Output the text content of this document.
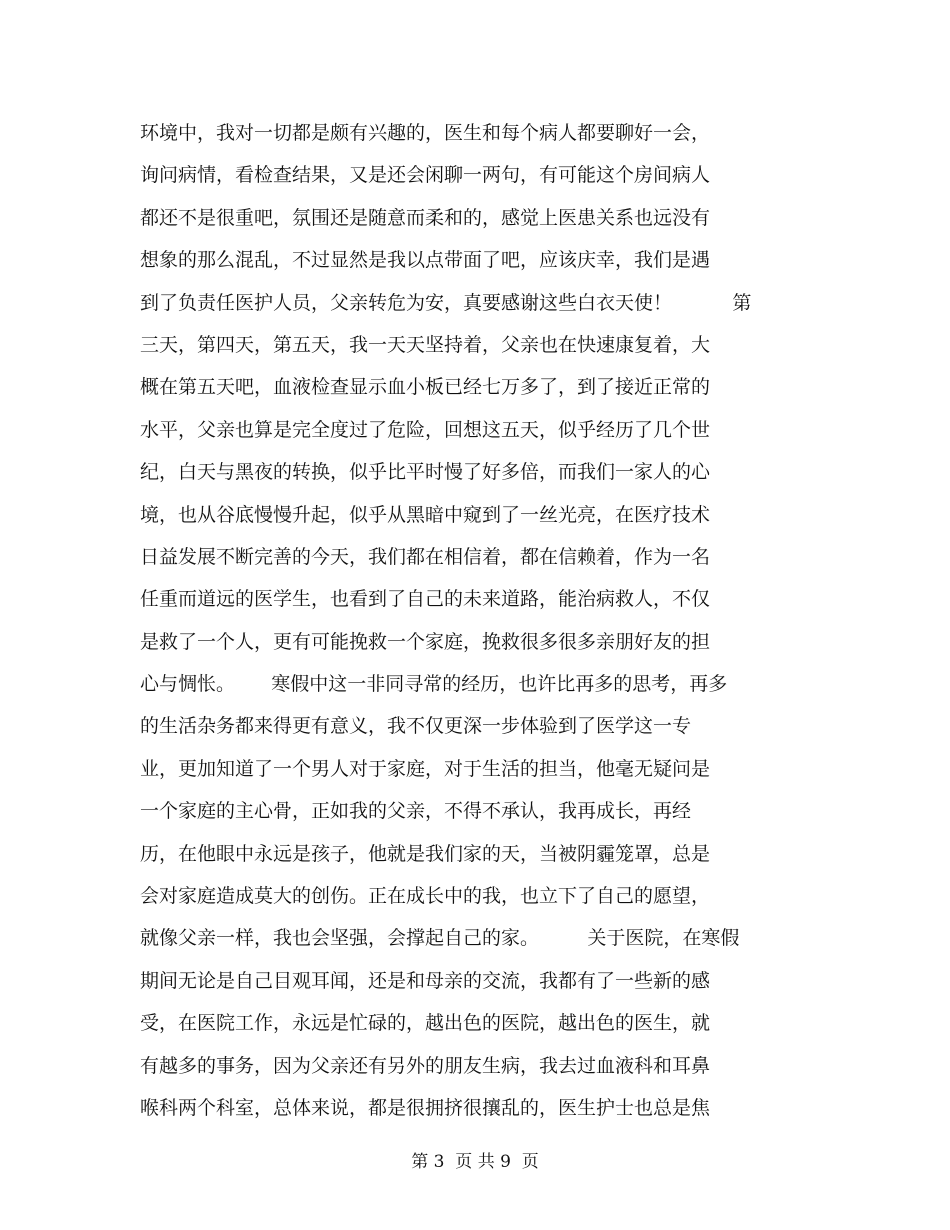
环境中，我对一切都是颇有兴趣的，医生和每个病人都要聊好一会，
询问病情，看检查结果，又是还会闲聊一两句，有可能这个房间病人
都还不是很重吧，氛围还是随意而柔和的，感觉上医患关系也远没有
想象的那么混乱，不过显然是我以点带面了吧，应该庆幸，我们是遇
到了负责任医护人员，父亲转危为安，真要感谢这些白衣天使！          第
三天，第四天，第五天，我一天天坚持着，父亲也在快速康复着，大
概在第五天吧，血液检查显示血小板已经七万多了，到了接近正常的
水平，父亲也算是完全度过了危险，回想这五天，似乎经历了几个世
纪，白天与黑夜的转换，似乎比平时慢了好多倍，而我们一家人的心
境，也从谷底慢慢升起，似乎从黑暗中窥到了一丝光亮，在医疗技术
日益发展不断完善的今天，我们都在相信着，都在信赖着，作为一名
任重而道远的医学生，也看到了自己的未来道路，能治病救人，不仅
是救了一个人，更有可能挽救一个家庭，挽救很多很多亲朋好友的担
心与惆怅。      寒假中这一非同寻常的经历，也许比再多的思考，再多
的生活杂务都来得更有意义，我不仅更深一步体验到了医学这一专
业，更加知道了一个男人对于家庭，对于生活的担当，他毫无疑问是
一个家庭的主心骨，正如我的父亲，不得不承认，我再成长，再经
历，在他眼中永远是孩子，他就是我们家的天，当被阴霾笼罩，总是
会对家庭造成莫大的创伤。正在成长中的我，也立下了自己的愿望，
就像父亲一样，我也会坚强，会撑起自己的家。        关于医院，在寒假
期间无论是自己目观耳闻，还是和母亲的交流，我都有了一些新的感
受，在医院工作，永远是忙碌的，越出色的医院，越出色的医生，就
有越多的事务，因为父亲还有另外的朋友生病，我去过血液科和耳鼻
喉科两个科室，总体来说，都是很拥挤很攘乱的，医生护士也总是焦
第 3  页 共 9  页
